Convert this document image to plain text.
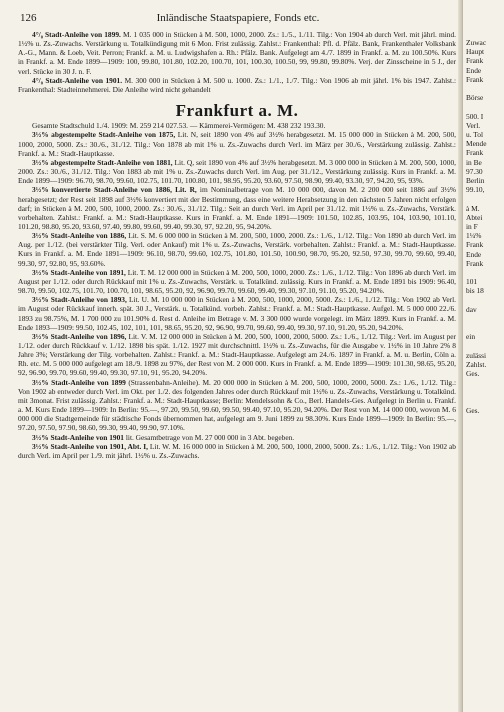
126	Inländische Staatspapiere, Fonds etc.

4°/₀ Stadt-Anleihe von 1899. M. 1 035 000 in Stücken à M. 500, 1000, 2000. Zs.: 1./5., 1./11. Tilg.: Von 1904 ab durch Verl. mit jährl. mind. 1½% u. Zs.-Zuwachs. Verstärkung u. Totalkündigung mit 6 Mon. Frist zulässig. Zahlst.: Frankenthal: Pfl. d. Pfälz. Bank, Frankenthaler Volksbank A.-G., Mann. & Loeb, Veit. Perron; Frankf. a. M. u. Ludwigshafen a. Rh.: Pfälz. Bank. Aufgelegt am 4./7. 1899 in Frankf. a. M. zu 100.50%. Kurs in Frankf. a. M. Ende 1899—1909: 100, 99.80, 101.80, 102.20, 100.70, 101, 100.30, 100.50, 99, 99.80, 99.80%. Verj. der Zinsscheine in 5 J., der verl. Stücke in 30 J. n. F.

4°/₀ Stadt-Anleihe von 1901. M. 300 000 in Stücken à M. 500 u. 1000. Zs.: 1./1., 1./7. Tilg.: Von 1906 ab mit jährl. 1% bis 1947. Zahlst.: Frankenthal: Stadteinnehmerei. Die Anleihe wird nicht gehandelt

Frankfurt a. M.

Gesamte Stadtschuld 1./4. 1909: M. 259 214 027.53. — Kämmerei-Vermögen: M. 438 232 193.30.

3½% abgestempelte Stadt-Anleihe von 1875, Lit. N, seit 1890 von 4% auf 3½% herabgesetzt. M. 15 000 000 in Stücken à M. 200, 500, 1000, 2000, 5000. Zs.: 30./6., 31./12. Tilg.: Von 1878 ab mit 1% u. Zs.-Zuwachs durch Verl. im März per 30./6., Verstärkung zulässig. Zahlst.: Frankf. a. M.: Stadt-Hauptkasse.

3½% abgestempelte Stadt-Anleihe von 1881, Lit. Q, seit 1890 von 4% auf 3½% herabgesetzt. M. 3 000 000 in Stücken à M. 200, 500, 1000, 2000. Zs.: 30./6., 31./12. Tilg.: Von 1883 ab mit 1% u. Zs.-Zuwachs durch Verl. im Aug. per 31./12., Verstärkung zulässig. Kurs in Frankf. a. M. Ende 1899—1909: 96.70, 98.70, 99.60, 102.75, 101.70, 100.80, 101, 98.95, 95.20, 93.60, 97.50, 98.90, 99.40, 93.30, 97, 94.20, 95, 93%.

3½% konvertierte Stadt-Anleihe von 1886, Lit. R, im Nominalbetrage von M. 10 000 000, davon M. 2 200 000 seit 1886 auf 3½% herabgesetzt; der Rest seit 1898 auf 3½% konvertiert mit der Bestimmung, dass eine weitere Herabsetzung in den nächsten 5 Jahren nicht erfolgen darf; in Stücken à M. 200, 500, 1000, 2000. Zs.: 30./6., 31./12. Tilg.: Seit an durch Verl. im April per 31./12. mit 1½% u. Zs.-Zuwachs, Verstärk. vorbehalten. Zahlst.: Frankf. a. M.: Stadt-Hauptkasse. Kurs in Frankf. a. M. Ende 1891—1909: 101.50, 102.85, 103.95, 104, 103.90, 101.10, 101.20, 98.80, 95.20, 93.60, 97.40, 99.80, 99.60, 99.40, 99.30, 97, 92.20, 95, 94.20%.

3½% Stadt-Anleihe von 1886, Lit. S. M. 6 000 000 in Stücken à M. 200, 500, 1000, 2000. Zs.: 1./6., 1./12. Tilg.: Von 1890 ab durch Verl. im Aug. per 1./12. (bei verstärkter Tilg. Verl. oder Ankauf) mit 1% u. Zs.-Zuwachs, Verstärk. vorbehalten. Zahlst.: Frankf. a. M.: Stadt-Hauptkasse. Kurs in Frankf. a. M. Ende 1891—1909: 96.10, 98.70, 99.60, 102.75, 101.80, 101.50, 100.90, 98.70, 95.20, 92.50, 97.30, 99.70, 99.60, 99.40, 99.30, 97, 92.80, 95, 93.60%.

3½% Stadt-Anleihe von 1891, Lit. T. M. 12 000 000 in Stücken à M. 200, 500, 1000, 2000. Zs.: 1./6., 1./12. Tilg.: Von 1896 ab durch Verl. im August per 1./12. oder durch Rückkauf mit 1% u. Zs.-Zuwachs, Verstärk. u. Totalkünd. zulässig. Kurs in Frankf. a. M. Ende 1891 bis 1909: 96.40, 98.70, 99.50, 102.75, 101.70, 100.70, 101, 98.65, 95.20, 92, 96.90, 99.70, 99.60, 99.40, 99.30, 97.10, 91.10, 95.20, 94.20%.

3½% Stadt-Anleihe von 1893, Lit. U. M. 10 000 000 in Stücken à M. 200, 500, 1000, 2000, 5000. Zs.: 1./6., 1./12. Tilg.: Von 1902 ab Verl. im August oder Rückkauf innerh. spät. 30 J., Verstärk. u. Totalkünd. vorbeh. Zahlst.: Frankf. a. M.: Stadt-Hauptkasse. Aufgel. M. 5 000 000 22./6. 1893 zu 98.75%, M. 1 700 000 zu 101.90% d. Rest d. Anleihe im Betrage v. M. 3 300 000 wurde vorgelegt. im März 1899. Kurs in Frankf. a. M. Ende 1893—1909: 99.50, 102.45, 102, 101, 101, 98.65, 95.20, 92, 96.90, 99.70, 99.60, 99.40, 99.30, 97.10, 91.20, 95.20, 94.20%.

3½% Stadt-Anleihe von 1896, Lit. V. M. 12 000 000 in Stücken à M. 200, 500, 1000, 2000, 5000. Zs.: 1./6., 1./12. Tilg.: Verl. im August per 1./12. oder durch Rückkauf v. 1./12. 1898 bis spät. 1./12. 1927 mit durchschnittl. 1½% u. Zs.-Zuwachs, für die Ausgabe v. 1½% in 10 Jahre 2% 8 Jahre 3%; Verstärkung der Tilg. vorbehalten. Zahlst.: Frankf. a. M.: Stadt-Hauptkasse. Aufgelegt am 24./6. 1897 in Frankf. a. M. u. Berlin, Cöln a. Rh. etc. M. 5 000 000 aufgelegt am 18./9. 1898 zu 97%, der Rest von M. 2 000 000. Kurs in Frankf. a. M. Ende 1899—1909: 101.30, 98.65, 95.20, 92, 96.90, 99.70, 99.60, 99.40, 99.30, 97.10, 91, 95.20, 94.20%.

3½% Stadt-Anleihe von 1899 (Strassenbahn-Anleihe). M. 20 000 000 in Stücken à M. 200, 500, 1000, 2000, 5000. Zs.: 1./6., 1./12. Tilg.: Von 1902 ab entweder durch Verl. im Okt. per 1./2. des folgenden Jahres oder durch Rückkauf mit 1½% u. Zs.-Zuwachs, Verstärkung u. Totalkünd. mit 3monat. Frist zulässig. Zahlst.: Frankf. a. M.: Stadt-Hauptkasse; Berlin: Mendelssohn & Co., Berl. Handels-Ges. Aufgelegt in Berlin u. Frankf. a. M. Kurs Ende 1899—1909: In Berlin: 95.—, 97.20, 99.50, 99.60, 99.50, 99.40, 97.10, 95.20, 94.20%. Der Rest von M. 14 000 000, wovon M. 6 000 000 die Stadtgemeinde für städtische Fonds übernommen hat, aufgelegt am 9. Juni 1899 zu 98.30%. Kurs Ende 1899—1909: In Berlin: 95.—, 97.20, 97.50, 97.90, 98.60, 99.30, 99.40, 99.90, 97.10%.

3½% Stadt-Anleihe von 1901 lit. Gesamtbetrage von M. 27 000 000 in 3 Abt. begeben.

3½% Stadt-Anleihe von 1901, Abt. I, Lit. W. M. 16 000 000 in Stücken à M. 200, 500, 1000, 2000, 5000. Zs.: 1./6., 1./12. Tilg.: Von 1902 ab durch Verl. im April per 1./9. mit jährl. 1½% u. Zs.-Zuwachs.

Zuwac
Haupt
Frank
Ende
Frank
Börse
500. I
Verl.
u. Tol
Mende
Frank
in Be
97.30
Berlin
99.10,
à M.
Abtei
in F
1¼%
Frank
Ende
Frank
101
bis 18
dav
ein
zulässi
Zahlst.
Ges.
Ges.
